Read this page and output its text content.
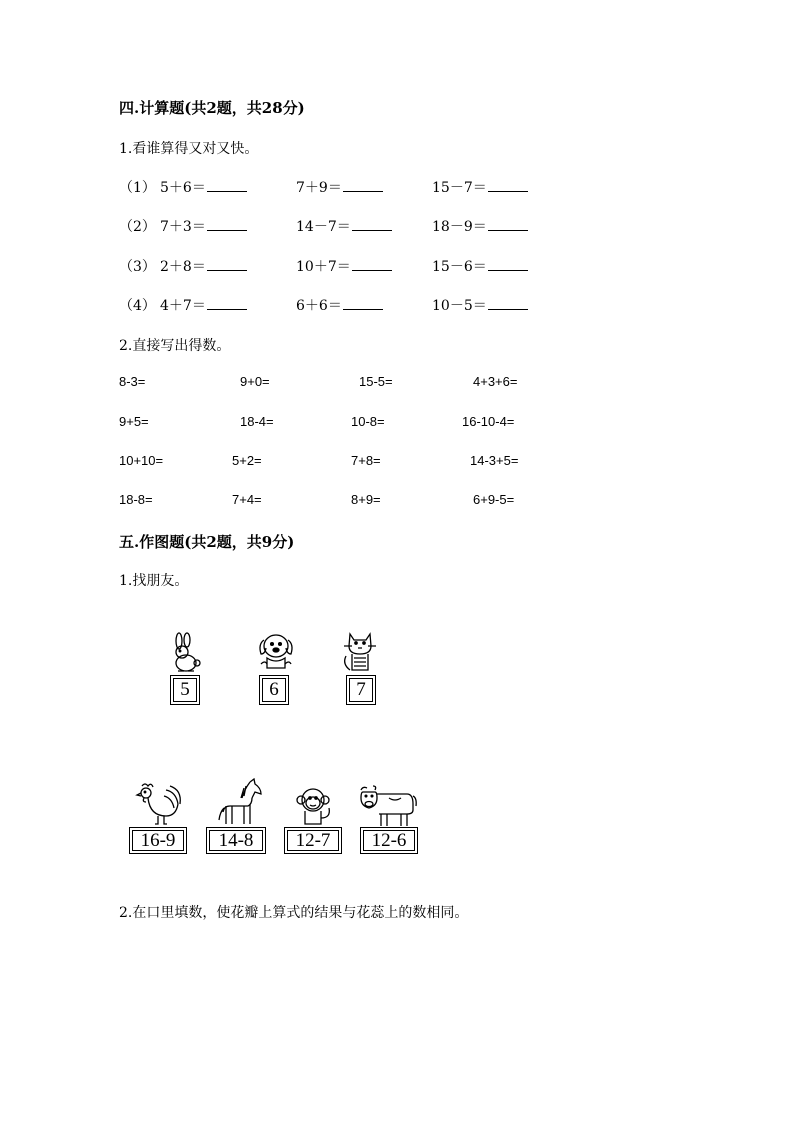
四.计算题(共2题，共28分)
1.看谁算得又对又快。
（1） 5＋6＝	7＋9＝	15－7＝
（2） 7＋3＝	14－7＝	18－9＝
（3） 2＋8＝	10＋7＝	15－6＝
（4） 4＋7＝	6＋6＝	10－5＝
2.直接写出得数。
8-3=	9+0=	15-5=	4+3+6=
9+5=	18-4=	10-8=	16-10-4=
10+10=	5+2=	7+8=	14-3+5=
18-8=	7+4=	8+9=	6+9-5=
五.作图题(共2题，共9分)
1.找朋友。
5	6	7
16-9 14-8 12-7 12-6
2.在口里填数，使花瓣上算式的结果与花蕊上的数相同。
